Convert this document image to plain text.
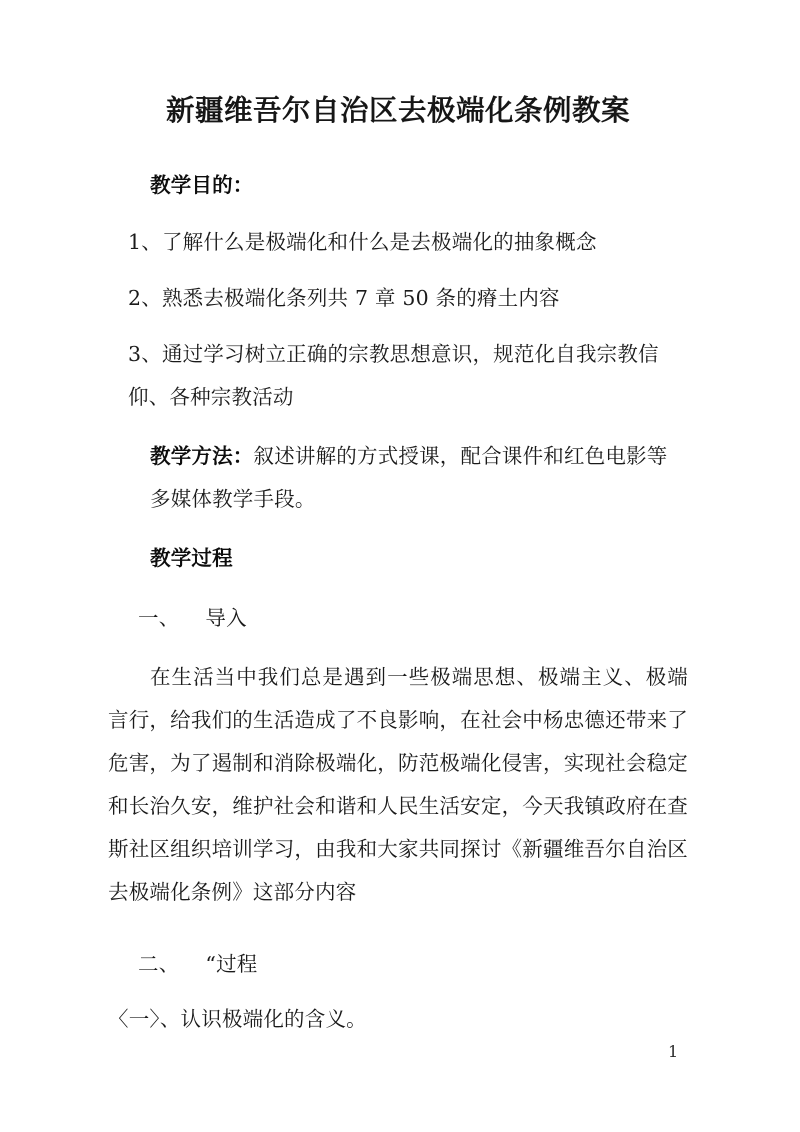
新疆维吾尔自治区去极端化条例教案

教学目的：

1、了解什么是极端化和什么是去极端化的抽象概念

2、熟悉去极端化条列共 7 章 50 条的瘠土内容

3、通过学习树立正确的宗教思想意识，规范化自我宗教信仰、各种宗教活动

教学方法：叙述讲解的方式授课，配合课件和红色电影等多媒体教学手段。

教学过程

一、 导入

在生活当中我们总是遇到一些极端思想、极端主义、极端言行，给我们的生活造成了不良影响，在社会中杨忠德还带来了危害，为了遏制和消除极端化，防范极端化侵害，实现社会稳定和长治久安，维护社会和谐和人民生活安定，今天我镇政府在查斯社区组织培训学习，由我和大家共同探讨《新疆维吾尔自治区去极端化条例》这部分内容

二、 “过程

〈一〉、认识极端化的含义。

1
